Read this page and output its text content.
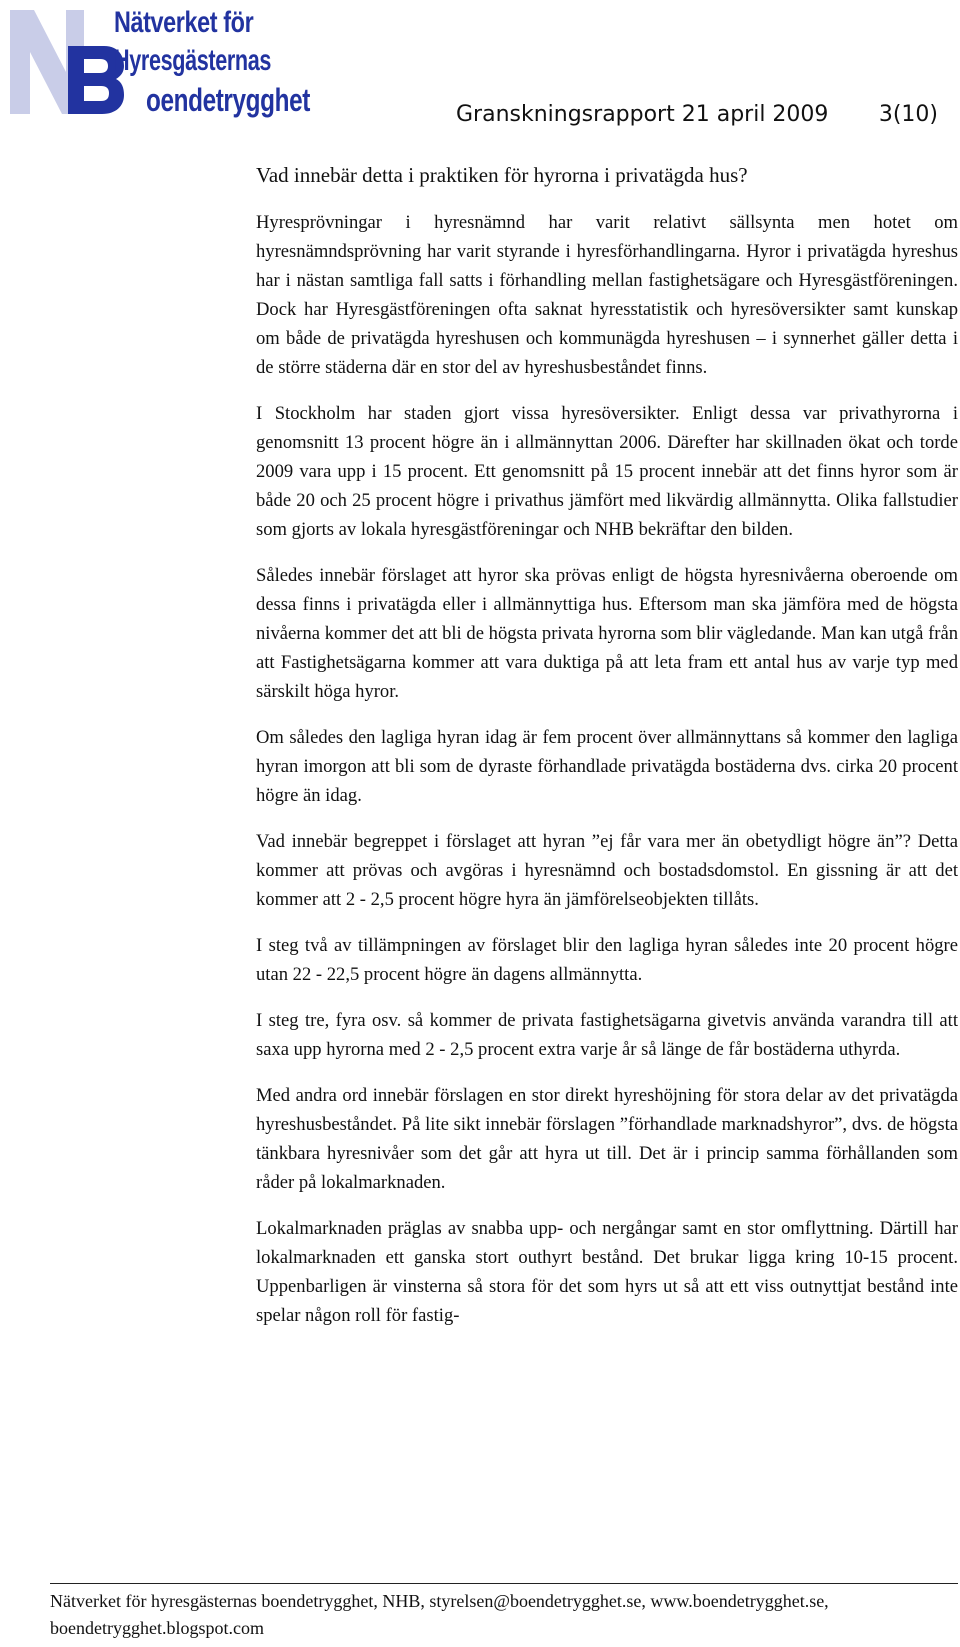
Nätverket för
Hyresgästernas
oendetrygghet	Granskningsrapport 21 april 2009 3(10)
Vad innebär detta i praktiken för hyrorna i privatägda hus?

Hyresprövningar i hyresnämnd har varit relativt sällsynta men hotet om hyresnämndsprövning har varit styrande i hyresförhandlingarna. Hyror i privatägda hyreshus har i nästan samtliga fall satts i förhandling mellan fastighetsägare och Hyresgästföreningen. Dock har Hyresgästföreningen ofta saknat hyresstatistik och hyresöversikter samt kunskap om både de privatägda hyreshusen och kommunägda hyreshusen – i synnerhet gäller detta i de större städerna där en stor del av hyreshusbeståndet finns.

I Stockholm har staden gjort vissa hyresöversikter. Enligt dessa var privathyrorna i genomsnitt 13 procent högre än i allmännyttan 2006. Därefter har skillnaden ökat och torde 2009 vara upp i 15 procent. Ett genomsnitt på 15 procent innebär att det finns hyror som är både 20 och 25 procent högre i privathus jämfört med likvärdig allmännytta. Olika fallstudier som gjorts av lokala hyresgästföreningar och NHB bekräftar den bilden.

Således innebär förslaget att hyror ska prövas enligt de högsta hyresnivåerna oberoende om dessa finns i privatägda eller i allmännyttiga hus. Eftersom man ska jämföra med de högsta nivåerna kommer det att bli de högsta privata hyrorna som blir vägledande. Man kan utgå från att Fastighetsägarna kommer att vara duktiga på att leta fram ett antal hus av varje typ med särskilt höga hyror.

Om således den lagliga hyran idag är fem procent över allmännyttans så kommer den lagliga hyran imorgon att bli som de dyraste förhandlade privatägda bostäderna dvs. cirka 20 procent högre än idag.

Vad innebär begreppet i förslaget att hyran ”ej får vara mer än obetydligt högre än”? Detta kommer att prövas och avgöras i hyresnämnd och bostadsdomstol. En gissning är att det kommer att 2 - 2,5 procent högre hyra än jämförelseobjekten tillåts.

I steg två av tillämpningen av förslaget blir den lagliga hyran således inte 20 procent högre utan 22 - 22,5 procent högre än dagens allmännytta.

I steg tre, fyra osv. så kommer de privata fastighetsägarna givetvis använda varandra till att saxa upp hyrorna med 2 - 2,5 procent extra varje år så länge de får bostäderna uthyrda.

Med andra ord innebär förslagen en stor direkt hyreshöjning för stora delar av det privatägda hyreshusbeståndet. På lite sikt innebär förslagen ”förhandlade marknadshyror”, dvs. de högsta tänkbara hyresnivåer som det går att hyra ut till. Det är i princip samma förhållanden som råder på lokalmarknaden.

Lokalmarknaden präglas av snabba upp- och nergångar samt en stor omflyttning. Därtill har lokalmarknaden ett ganska stort outhyrt bestånd. Det brukar ligga kring 10-15 procent. Uppenbarligen är vinsterna så stora för det som hyrs ut så att ett viss outnyttjat bestånd inte spelar någon roll för fastig-

Nätverket för hyresgästernas boendetrygghet, NHB, styrelsen@boendetrygghet.se, www.boendetrygghet.se,
boendetrygghet.blogspot.com
